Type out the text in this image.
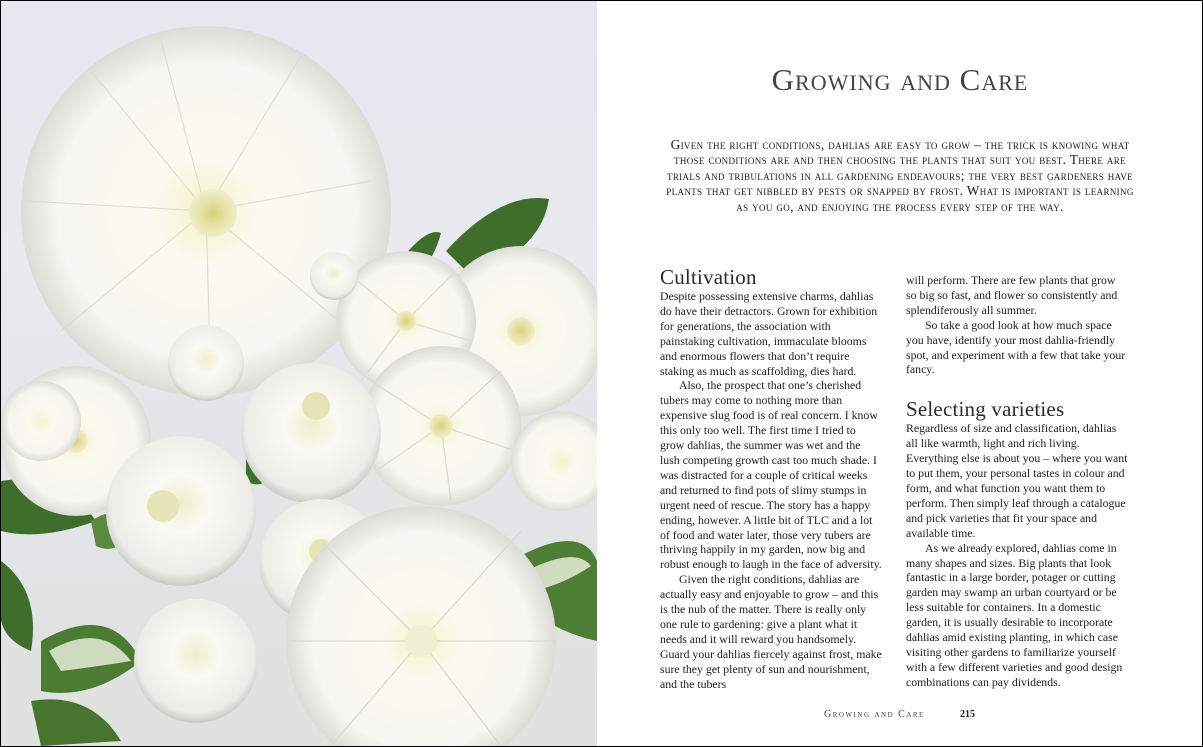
Growing and Care

Given the right conditions, dahlias are easy to grow – the trick is knowing what those conditions are and then choosing the plants that suit you best. There are trials and tribulations in all gardening endeavours; the very best gardeners have plants that get nibbled by pests or snapped by frost. What is important is learning as you go, and enjoying the process every step of the way.

Cultivation

Despite possessing extensive charms, dahlias do have their detractors. Grown for exhibition for generations, the association with painstaking cultivation, immaculate blooms and enormous flowers that don’t require staking as much as scaffolding, dies hard.

Also, the prospect that one’s cherished tubers may come to nothing more than expensive slug food is of real concern. I know this only too well. The first time I tried to grow dahlias, the summer was wet and the lush competing growth cast too much shade. I was distracted for a couple of critical weeks and returned to find pots of slimy stumps in urgent need of rescue. The story has a happy ending, however. A little bit of TLC and a lot of food and water later, those very tubers are thriving happily in my garden, now big and robust enough to laugh in the face of adversity.

Given the right conditions, dahlias are actually easy and enjoyable to grow – and this is the nub of the matter. There is really only one rule to gardening: give a plant what it needs and it will reward you handsomely. Guard your dahlias fiercely against frost, make sure they get plenty of sun and nourishment, and the tubers

will perform. There are few plants that grow so big so fast, and flower so consistently and splendiferously all summer.

So take a good look at how much space you have, identify your most dahlia-friendly spot, and experiment with a few that take your fancy.

Selecting varieties

Regardless of size and classification, dahlias all like warmth, light and rich living. Everything else is about you – where you want to put them, your personal tastes in colour and form, and what function you want them to perform. Then simply leaf through a catalogue and pick varieties that fit your space and available time.

As we already explored, dahlias come in many shapes and sizes. Big plants that look fantastic in a large border, potager or cutting garden may swamp an urban courtyard or be less suitable for containers. In a domestic garden, it is usually desirable to incorporate dahlias amid existing planting, in which case visiting other gardens to familiarize yourself with a few different varieties and good design combinations can pay dividends.

Growing and Care	215
